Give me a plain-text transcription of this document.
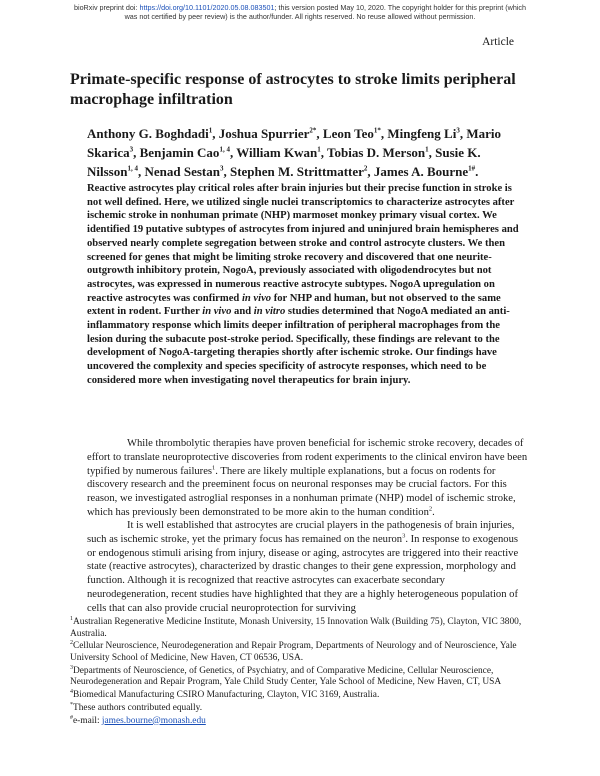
bioRxiv preprint doi: https://doi.org/10.1101/2020.05.08.083501; this version posted May 10, 2020. The copyright holder for this preprint (which
was not certified by peer review) is the author/funder. All rights reserved. No reuse allowed without permission.
Article
Primate-specific response of astrocytes to stroke limits peripheral macrophage infiltration

Anthony G. Boghdadi$^1$, Joshua Spurrier$^{2*}$, Leon Teo$^{1*}$, Mingfeng Li$^3$, Mario Skarica$^3$, Benjamin Cao$^{1, 4}$, William Kwan$^1$, Tobias D. Merson$^1$, Susie K. Nilsson$^{1, 4}$, Nenad Sestan$^3$, Stephen M. Strittmatter$^2$, James A. Bourne$^{1\#}$.

Reactive astrocytes play critical roles after brain injuries but their precise function in stroke is not well defined. Here, we utilized single nuclei transcriptomics to characterize astrocytes after ischemic stroke in nonhuman primate (NHP) marmoset monkey primary visual cortex. We identified 19 putative subtypes of astrocytes from injured and uninjured brain hemispheres and observed nearly complete segregation between stroke and control astrocyte clusters. We then screened for genes that might be limiting stroke recovery and discovered that one neurite-outgrowth inhibitory protein, NogoA, previously associated with oligodendrocytes but not astrocytes, was expressed in numerous reactive astrocyte subtypes. NogoA upregulation on reactive astrocytes was confirmed in vivo for NHP and human, but not observed to the same extent in rodent. Further in vivo and in vitro studies determined that NogoA mediated an anti-inflammatory response which limits deeper infiltration of peripheral macrophages from the lesion during the subacute post-stroke period. Specifically, these findings are relevant to the development of NogoA-targeting therapies shortly after ischemic stroke. Our findings have uncovered the complexity and species specificity of astrocyte responses, which need to be considered more when investigating novel therapeutics for brain injury.

While thrombolytic therapies have proven beneficial for ischemic stroke recovery, decades of effort to translate neuroprotective discoveries from rodent experiments to the clinical environ have been typified by numerous failures$^1$. There are likely multiple explanations, but a focus on rodents for discovery research and the preeminent focus on neuronal responses may be crucial factors. For this reason, we investigated astroglial responses in a nonhuman primate (NHP) model of ischemic stroke, which has previously been demonstrated to be more akin to the human condition$^2$.

It is well established that astrocytes are crucial players in the pathogenesis of brain injuries, such as ischemic stroke, yet the primary focus has remained on the neuron$^3$. In response to exogenous or endogenous stimuli arising from injury, disease or aging, astrocytes are triggered into their reactive state (reactive astrocytes), characterized by drastic changes to their gene expression, morphology and function. Although it is recognized that reactive astrocytes can exacerbate secondary neurodegeneration, recent studies have highlighted that they are a highly heterogeneous population of cells that can also provide crucial neuroprotection for surviving

$^1$Australian Regenerative Medicine Institute, Monash University, 15 Innovation Walk (Building 75), Clayton, VIC 3800, Australia.

$^2$Cellular Neuroscience, Neurodegeneration and Repair Program, Departments of Neurology and of Neuroscience, Yale University School of Medicine, New Haven, CT 06536, USA.

$^3$Departments of Neuroscience, of Genetics, of Psychiatry, and of Comparative Medicine, Cellular Neuroscience, Neurodegeneration and Repair Program, Yale Child Study Center, Yale School of Medicine, New Haven, CT, USA

$^4$Biomedical Manufacturing CSIRO Manufacturing, Clayton, VIC 3169, Australia.

*These authors contributed equally.

#e-mail: james.bourne@monash.edu
